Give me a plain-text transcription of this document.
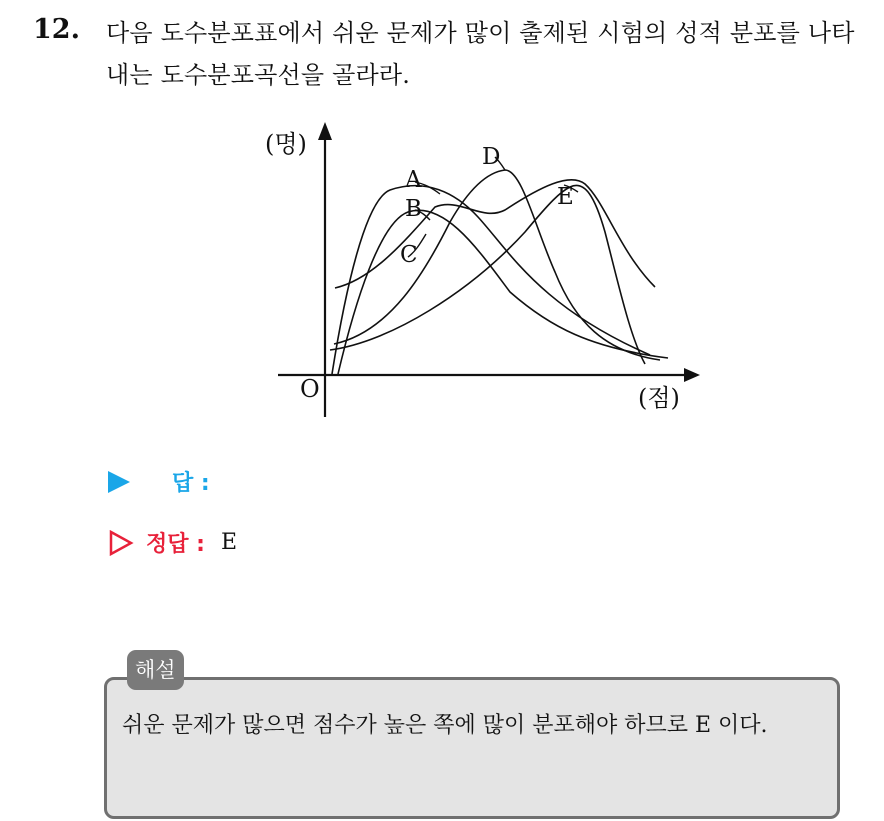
12. 다음 도수분포표에서 쉬운 문제가 많이 출제된 시험의 성적 분포를 나타내는 도수분포곡선을 골라라.
(명)
(점)
O
A
B
C
D
E
답 :
정답 : E
해설
쉬운 문제가 많으면 점수가 높은 쪽에 많이 분포해야 하므로 E 이다.
